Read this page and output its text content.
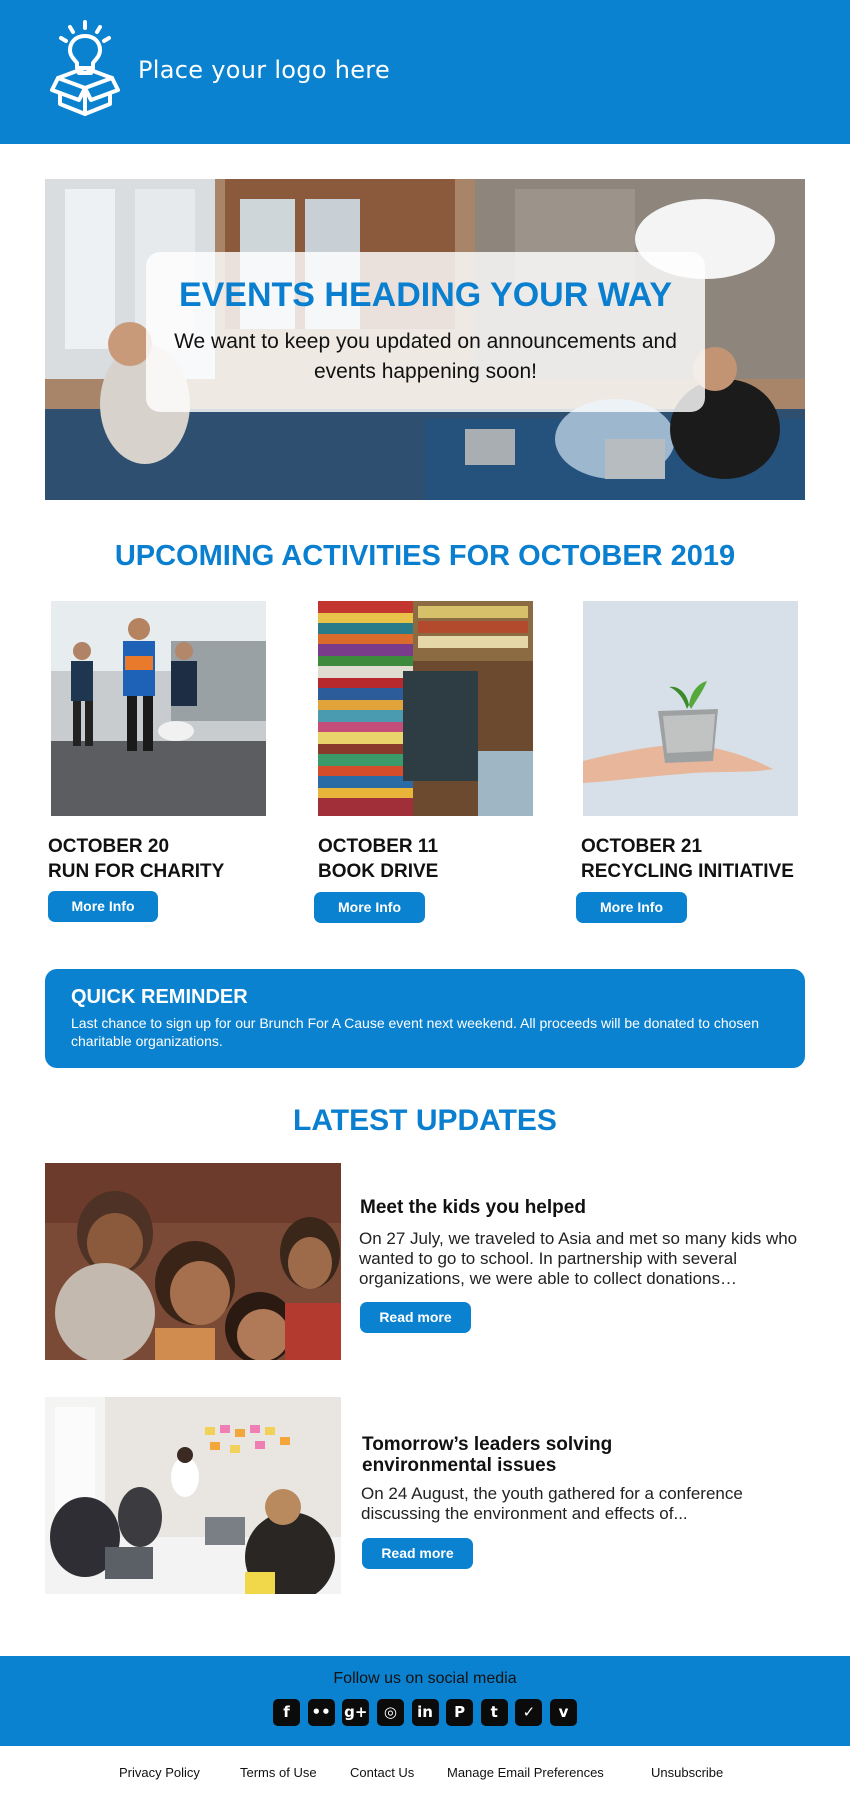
Place your logo here
EVENTS HEADING YOUR WAY
We want to keep you updated on announcements and events happening soon!
UPCOMING ACTIVITIES FOR OCTOBER 2019
OCTOBER 20
RUN FOR CHARITY
More Info
OCTOBER 11
BOOK DRIVE
More Info
OCTOBER 21
RECYCLING INITIATIVE
More Info
QUICK REMINDER
Last chance to sign up for our Brunch For A Cause event next weekend. All proceeds will be donated to chosen charitable organizations.
LATEST UPDATES
Meet the kids you helped
On 27 July, we traveled to Asia and met so many kids who wanted to go to school. In partnership with several organizations, we were able to collect donations…
Read more
Tomorrow’s leaders solving environmental issues
On 24 August, the youth gathered for a conference discussing the environment and effects of...
Read more
Follow us on social media
f	•• g+	◎	in	P	t	✓	v
Privacy Policy	Terms of Use	Contact Us	Manage Email Preferences	Unsubscribe
